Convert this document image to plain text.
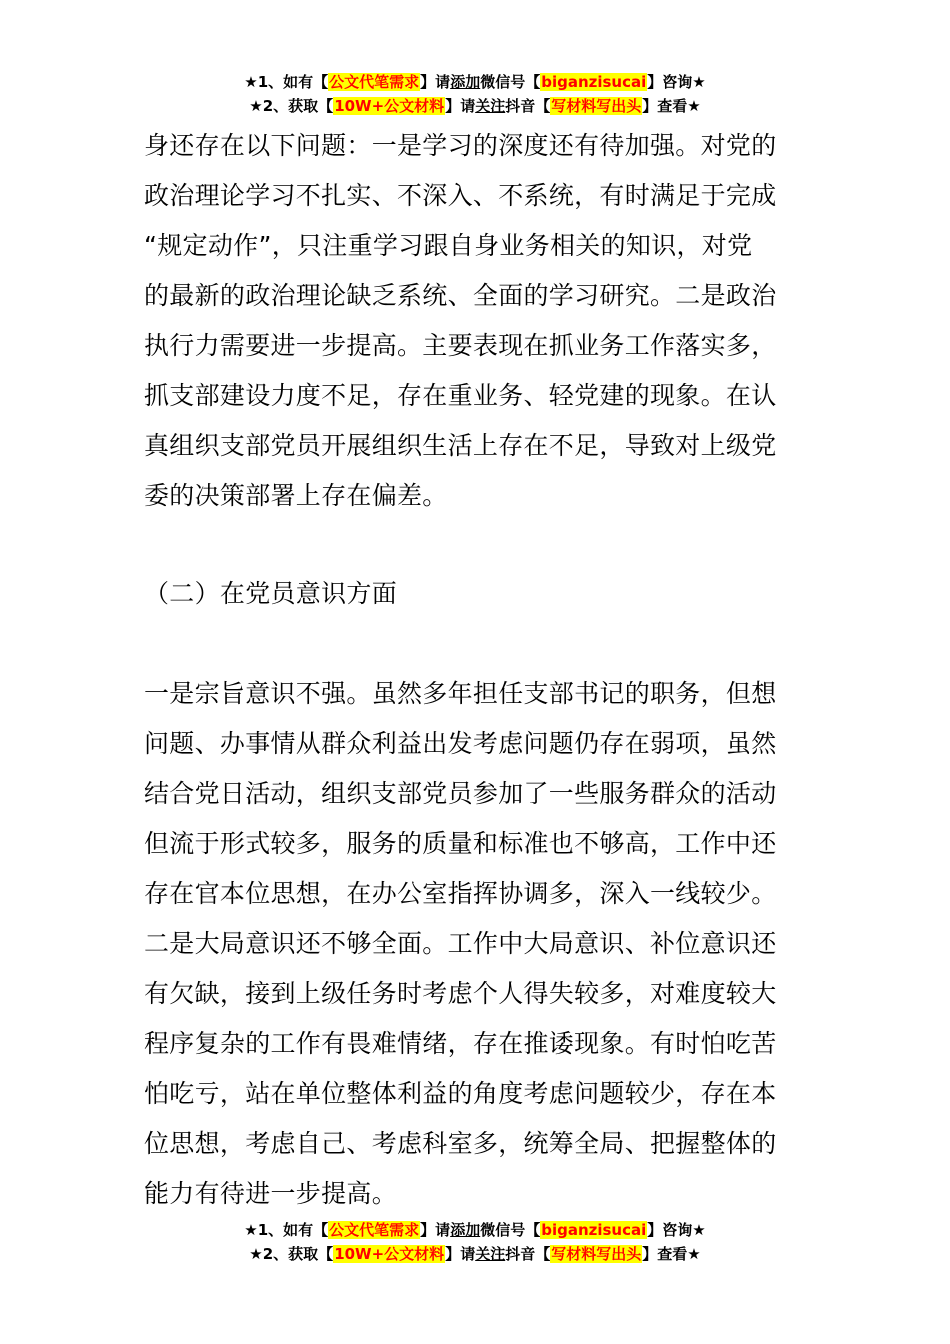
★1、如有【公文代笔需求】请添加微信号【biganzisucai】咨询★
★2、获取【10W+公文材料】请关注抖音【写材料写出头】查看★
身还存在以下问题：一是学习的深度还有待加强。对党的
政治理论学习不扎实、不深入、不系统，有时满足于完成
“规定动作”，只注重学习跟自身业务相关的知识，对党
的最新的政治理论缺乏系统、全面的学习研究。二是政治
执行力需要进一步提高。主要表现在抓业务工作落实多，
抓支部建设力度不足，存在重业务、轻党建的现象。在认
真组织支部党员开展组织生活上存在不足，导致对上级党
委的决策部署上存在偏差。
（二）在党员意识方面
一是宗旨意识不强。虽然多年担任支部书记的职务，但想
问题、办事情从群众利益出发考虑问题仍存在弱项，虽然
结合党日活动，组织支部党员参加了一些服务群众的活动
但流于形式较多，服务的质量和标准也不够高，工作中还
存在官本位思想，在办公室指挥协调多，深入一线较少。
二是大局意识还不够全面。工作中大局意识、补位意识还
有欠缺，接到上级任务时考虑个人得失较多，对难度较大
程序复杂的工作有畏难情绪，存在推诿现象。有时怕吃苦
怕吃亏，站在单位整体利益的角度考虑问题较少，存在本
位思想，考虑自己、考虑科室多，统筹全局、把握整体的
能力有待进一步提高。
★1、如有【公文代笔需求】请添加微信号【biganzisucai】咨询★
★2、获取【10W+公文材料】请关注抖音【写材料写出头】查看★
